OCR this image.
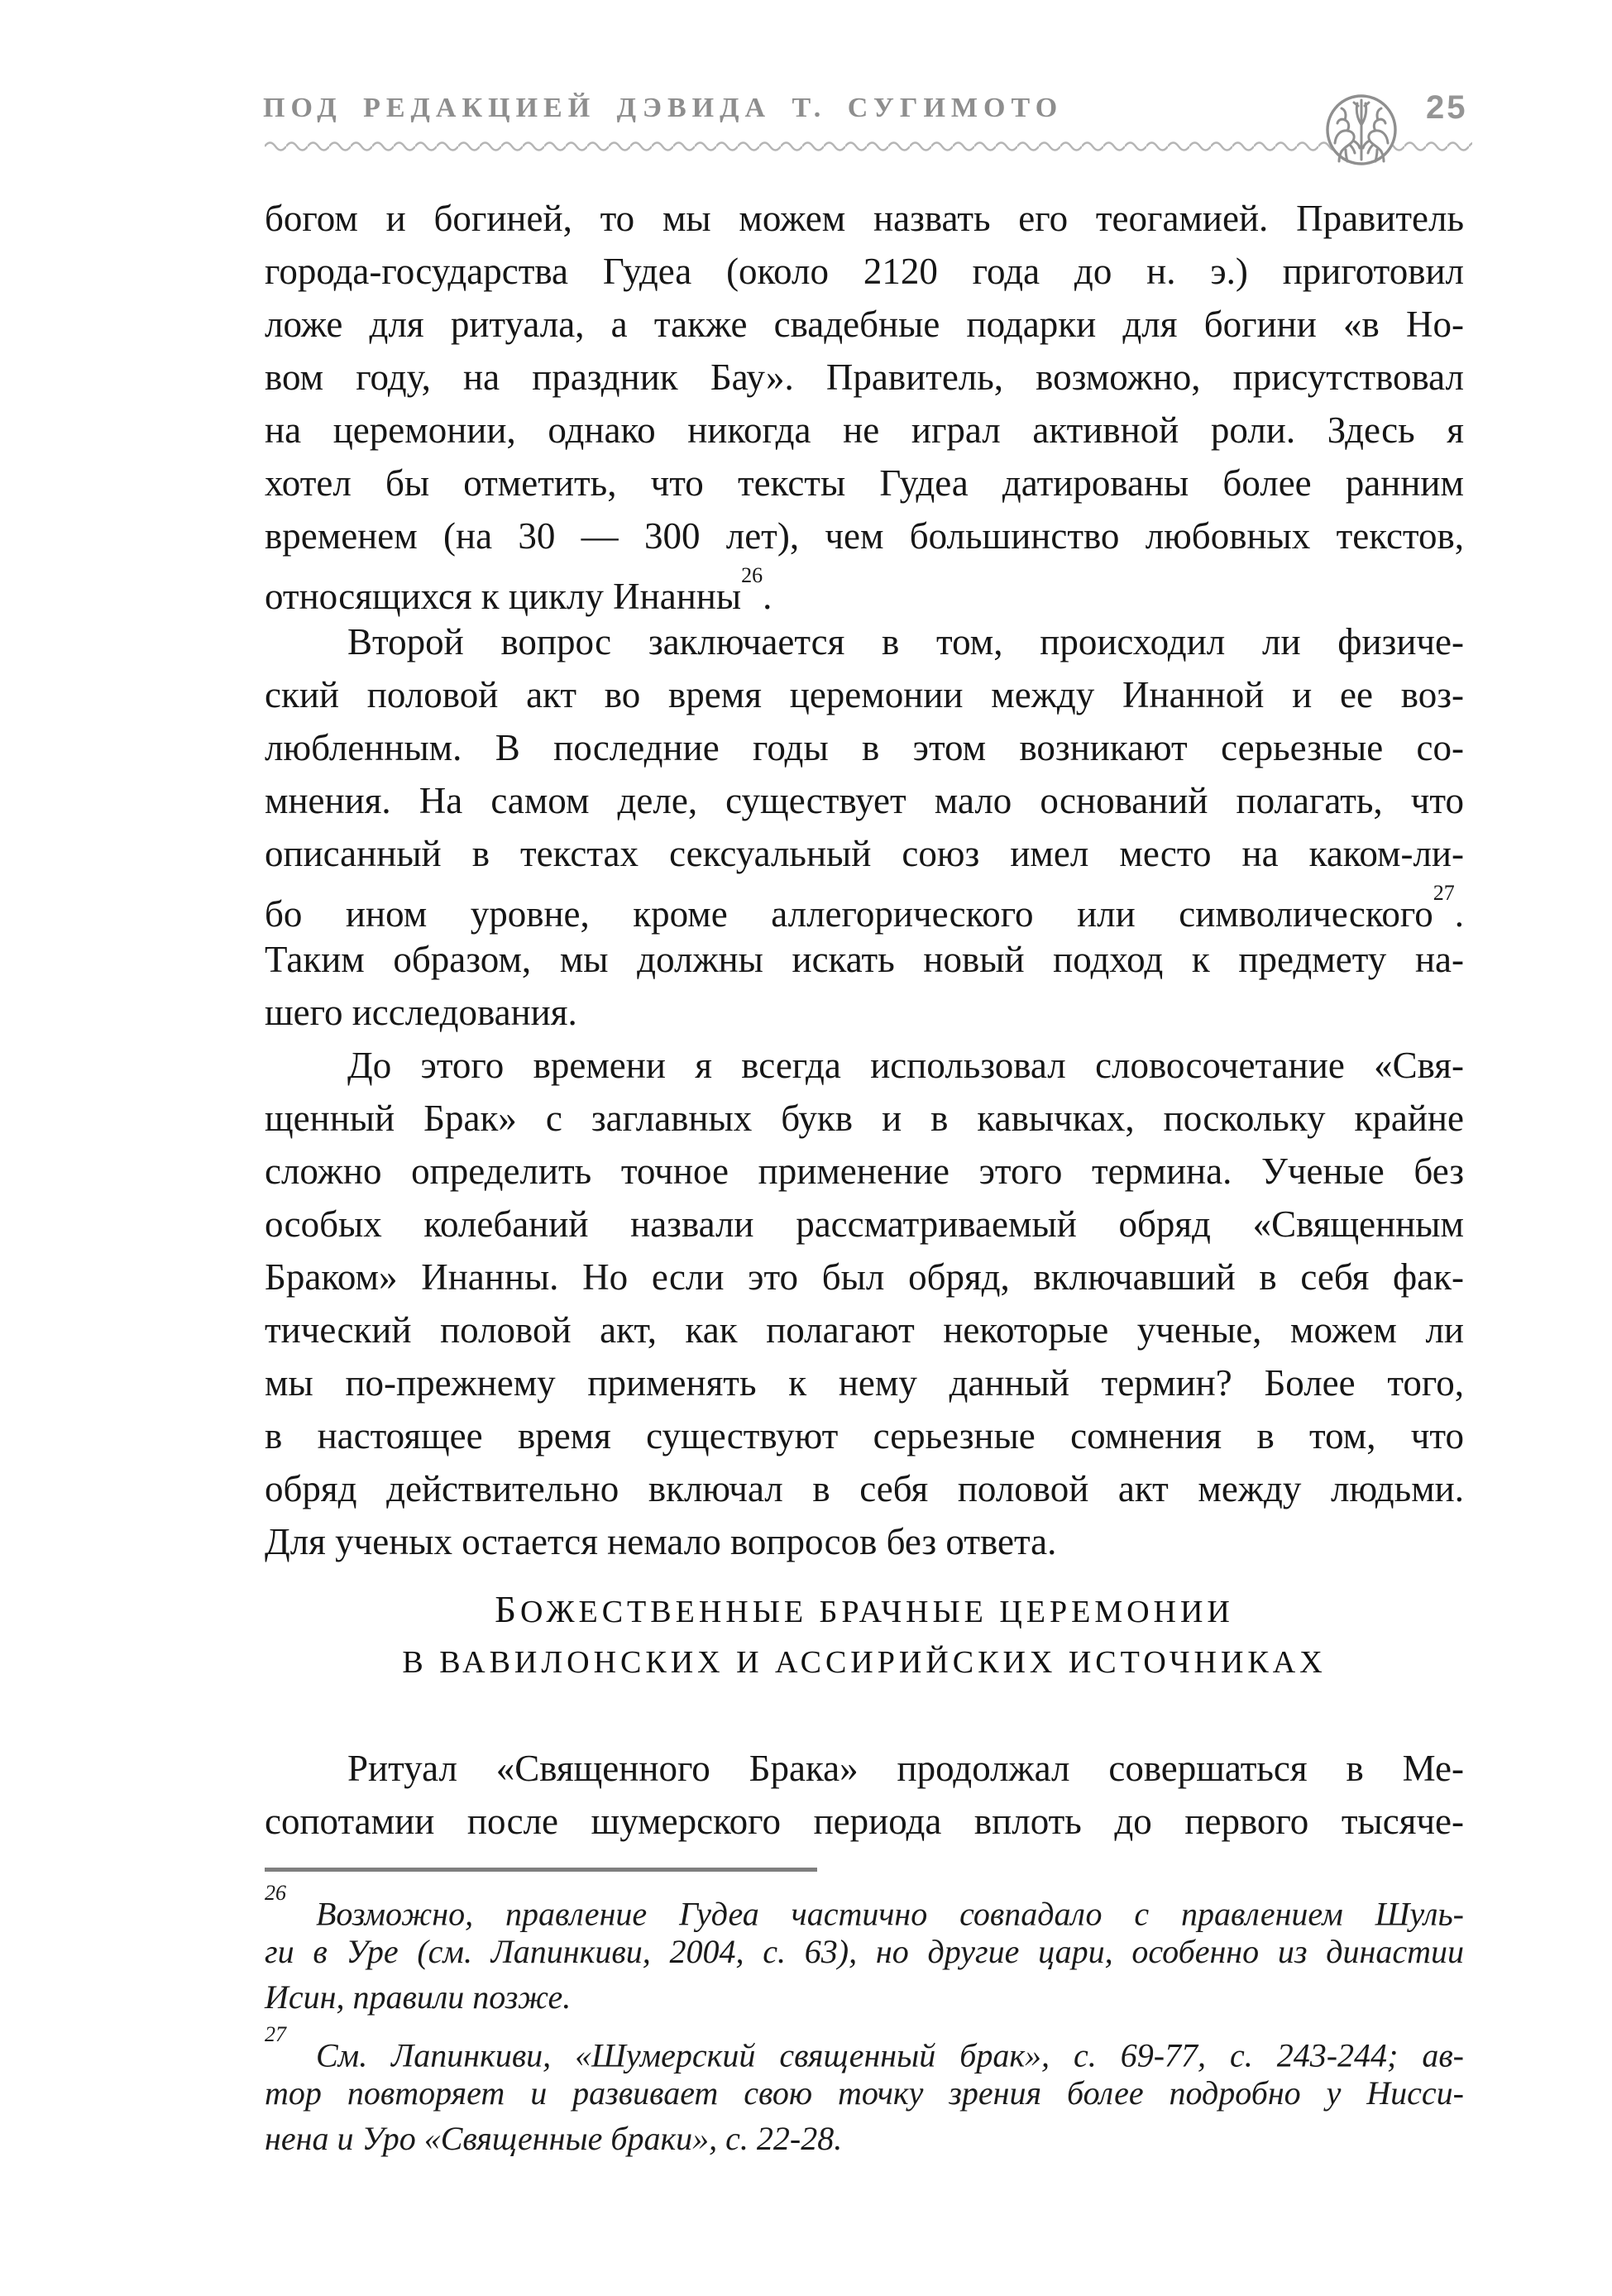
ПОД РЕДАКЦИЕЙ ДЭВИДА Т. СУГИМОТО	25
богом и богиней, то мы можем назвать его теогамией. Правитель
города-государства Гудеа (около 2120 года до н. э.) приготовил
ложе для ритуала, а также свадебные подарки для богини «в Но-
вом году, на праздник Бау». Правитель, возможно, присутствовал
на церемонии, однако никогда не играл активной роли. Здесь я
хотел бы отметить, что тексты Гудеа датированы более ранним
временем (на 30 — 300 лет), чем большинство любовных текстов,
относящихся к циклу Инанны$^{26}$.
Второй вопрос заключается в том, происходил ли физиче-
ский половой акт во время церемонии между Инанной и ее воз-
любленным. В последние годы в этом возникают серьезные со-
мнения. На самом деле, существует мало оснований полагать, что
описанный в текстах сексуальный союз имел место на каком-ли-
бо ином уровне, кроме аллегорического или символического$^{27}$.
Таким образом, мы должны искать новый подход к предмету на-
шего исследования.
До этого времени я всегда использовал словосочетание «Свя-
щенный Брак» с заглавных букв и в кавычках, поскольку крайне
сложно определить точное применение этого термина. Ученые без
особых колебаний назвали рассматриваемый обряд «Священным
Браком» Инанны. Но если это был обряд, включавший в себя фак-
тический половой акт, как полагают некоторые ученые, можем ли
мы по-прежнему применять к нему данный термин? Более того,
в настоящее время существуют серьезные сомнения в том, что
обряд действительно включал в себя половой акт между людьми.
Для ученых остается немало вопросов без ответа.
БОЖЕСТВЕННЫЕ БРАЧНЫЕ ЦЕРЕМОНИИ
В ВАВИЛОНСКИХ И АССИРИЙСКИХ ИСТОЧНИКАХ
Ритуал «Священного Брака» продолжал совершаться в Ме-
сопотамии после шумерского периода вплоть до первого тысяче-
$^{26}$Возможно, правление Гудеа частично совпадало с правлением Шуль-
ги в Уре (см. Лапинкиви, 2004, с. 63), но другие цари, особенно из династии
Исин, правили позже.
$^{27}$См. Лапинкиви, «Шумерский священный брак», с. 69-77, с. 243-244; ав-
тор повторяет и развивает свою точку зрения более подробно у Нисси-
нена и Уро «Священные браки», с. 22-28.
